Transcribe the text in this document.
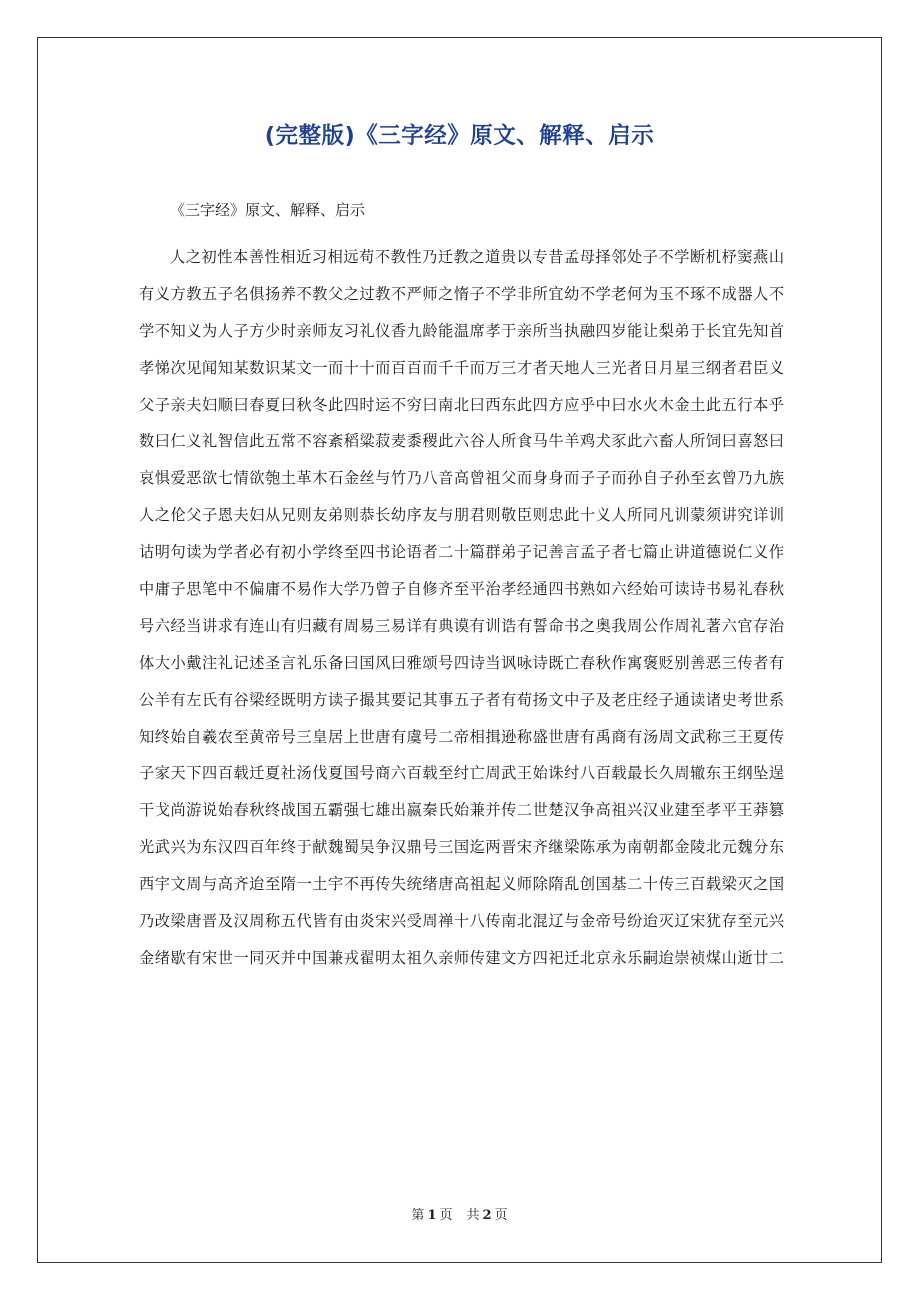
(完整版)《三字经》原文、解释、启示
《三字经》原文、解释、启示
人之初性本善性相近习相远苟不教性乃迁教之道贵以专昔孟母择邻处子不学断机杼窦燕山
有义方教五子名俱扬养不教父之过教不严师之惰子不学非所宜幼不学老何为玉不琢不成器人不
学不知义为人子方少时亲师友习礼仪香九龄能温席孝于亲所当执融四岁能让梨弟于长宜先知首
孝悌次见闻知某数识某文一而十十而百百而千千而万三才者天地人三光者日月星三纲者君臣义
父子亲夫妇顺曰春夏曰秋冬此四时运不穷曰南北曰西东此四方应乎中曰水火木金土此五行本乎
数曰仁义礼智信此五常不容紊稻粱菽麦黍稷此六谷人所食马牛羊鸡犬豕此六畜人所饲曰喜怒曰
哀惧爱恶欲七情欲匏土革木石金丝与竹乃八音高曾祖父而身身而子子而孙自子孙至玄曾乃九族
人之伦父子恩夫妇从兄则友弟则恭长幼序友与朋君则敬臣则忠此十义人所同凡训蒙须讲究详训
诂明句读为学者必有初小学终至四书论语者二十篇群弟子记善言孟子者七篇止讲道德说仁义作
中庸子思笔中不偏庸不易作大学乃曾子自修齐至平治孝经通四书熟如六经始可读诗书易礼春秋
号六经当讲求有连山有归藏有周易三易详有典谟有训诰有誓命书之奥我周公作周礼著六官存治
体大小戴注礼记述圣言礼乐备曰国风曰雅颂号四诗当讽咏诗既亡春秋作寓褒贬别善恶三传者有
公羊有左氏有谷梁经既明方读子撮其要记其事五子者有荀扬文中子及老庄经子通读诸史考世系
知终始自羲农至黄帝号三皇居上世唐有虞号二帝相揖逊称盛世唐有禹商有汤周文武称三王夏传
子家天下四百载迁夏社汤伐夏国号商六百载至纣亡周武王始诛纣八百载最长久周辙东王纲坠逞
干戈尚游说始春秋终战国五霸强七雄出嬴秦氏始兼并传二世楚汉争高祖兴汉业建至孝平王莽篡
光武兴为东汉四百年终于献魏蜀吴争汉鼎号三国迄两晋宋齐继梁陈承为南朝都金陵北元魏分东
西宇文周与高齐迨至隋一土宇不再传失统绪唐高祖起义师除隋乱创国基二十传三百载梁灭之国
乃改梁唐晋及汉周称五代皆有由炎宋兴受周禅十八传南北混辽与金帝号纷迨灭辽宋犹存至元兴
金绪歇有宋世一同灭并中国兼戎翟明太祖久亲师传建文方四祀迁北京永乐嗣迨崇祯煤山逝廿二
第 1 页 共 2 页
